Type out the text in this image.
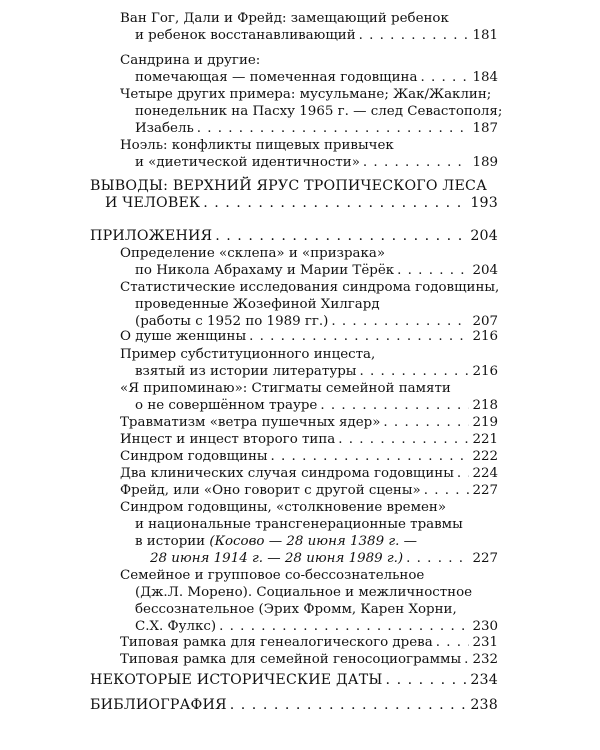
Ван Гог, Дали и Фрейд: замещающий ребенок
и ребенок восстанавливающий . . .	181
Сандрина и другие:
помечающая — помеченная годовщина . . .	184
Четыре других примера: мусульмане; Жак/Жаклин;
понедельник на Пасху 1965 г. — след Севастополя;
Изабель . . .	187
Ноэль: конфликты пищевых привычек
и «диетической идентичности» . . .	189
ВЫВОДЫ: ВЕРХНИЙ ЯРУС ТРОПИЧЕСКОГО ЛЕСА
И ЧЕЛОВЕК . . .	193
ПРИЛОЖЕНИЯ . . .	204
Определение «склепа» и «призрака»
по Никола Абрахаму и Марии Тёрёк . . .	204
Статистические исследования синдрома годовщины,
проведенные Жозефиной Хилгард
(работы с 1952 по 1989 гг.) . . .	207
О душе женщины . . .	216
Пример субституционного инцеста,
взятый из истории литературы . . .	216
«Я припоминаю»: Стигматы семейной памяти
о не совершённом трауре . . .	218
Травматизм «ветра пушечных ядер» . . .	219
Инцест и инцест второго типа . . .	221
Синдром годовщины . . .	222
Два клинических случая синдрома годовщины . . . 224
Фрейд, или «Оно говорит с другой сцены» . . .	227
Синдром годовщины, «столкновение времен»
и национальные трансгенерационные травмы
в истории (Косово — 28 июня 1389 г. —
28 июня 1914 г. — 28 июня 1989 г.) . . .	227
Семейное и групповое со-бессознательное
(Дж.Л. Морено). Социальное и межличностное
бессознательное (Эрих Фромм, Карен Хорни,
С.Х. Фулкс) . . .	230
Типовая рамка для генеалогического древа . . .	231
Типовая рамка для семейной геносоциограммы . . . 232
НЕКОТОРЫЕ ИСТОРИЧЕСКИЕ ДАТЫ . . .	234
БИБЛИОГРАФИЯ . . .	238
